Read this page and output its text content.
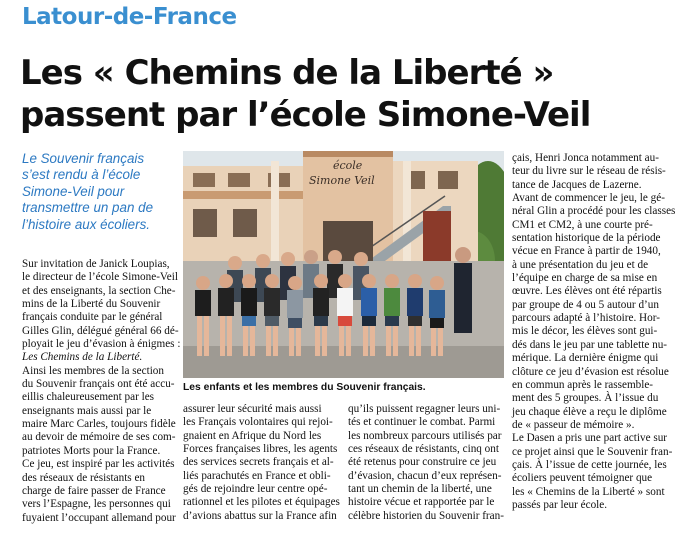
Latour-de-France
Les « Chemins de la Liberté »
passent par l’école Simone-Veil
Le Souvenir français
s’est rendu à l’école
Simone-Veil pour
transmettre un pan de
l’histoire aux écoliers.
école
Simone Veil
Les enfants et les membres du Souvenir français.
Sur invitation de Janick Loupias,
le directeur de l’école Simone-Veil
et des enseignants, la section Che-
mins de la Liberté du Souvenir
français conduite par le général
Gilles Glin, délégué général 66 dé-
ployait le jeu d’évasion à énigmes :
Les Chemins de la Liberté.
Ainsi les membres de la section
du Souvenir français ont été accu-
eillis chaleureusement par les
enseignants mais aussi par le
maire Marc Carles, toujours fidèle
au devoir de mémoire de ses com-
patriotes Morts pour la France.
Ce jeu, est inspiré par les activités
des réseaux de résistants en
charge de faire passer de France
vers l’Espagne, les personnes qui
fuyaient l’occupant allemand pour
assurer leur sécurité mais aussi
les Français volontaires qui rejoi-
gnaient en Afrique du Nord les
Forces françaises libres, les agents
des services secrets français et al-
liés parachutés en France et obli-
gés de rejoindre leur centre opé-
rationnel et les pilotes et équipages
d’avions abattus sur la France afin
qu’ils puissent regagner leurs uni-
tés et continuer le combat. Parmi
les nombreux parcours utilisés par
ces réseaux de résistants, cinq ont
été retenus pour construire ce jeu
d’évasion, chacun d’eux représen-
tant un chemin de la liberté, une
histoire vécue et rapportée par le
célèbre historien du Souvenir fran-
çais, Henri Jonca notamment au-
teur du livre sur le réseau de résis-
tance de Jacques de Lazerne.
Avant de commencer le jeu, le gé-
néral Glin a procédé pour les classes
CM1 et CM2, à une courte pré-
sentation historique de la période
vécue en France à partir de 1940,
à une présentation du jeu et de
l’équipe en charge de sa mise en
œuvre. Les élèves ont été répartis
par groupe de 4 ou 5 autour d’un
parcours adapté à l’histoire. Hor-
mis le décor, les élèves sont gui-
dés dans le jeu par une tablette nu-
mérique. La dernière énigme qui
clôture ce jeu d’évasion est résolue
en commun après le rassemble-
ment des 5 groupes. À l’issue du
jeu chaque élève a reçu le diplôme
de « passeur de mémoire ».
Le Dasen a pris une part active sur
ce projet ainsi que le Souvenir fran-
çais. À l’issue de cette journée, les
écoliers peuvent témoigner que
les « Chemins de la Liberté » sont
passés par leur école.
